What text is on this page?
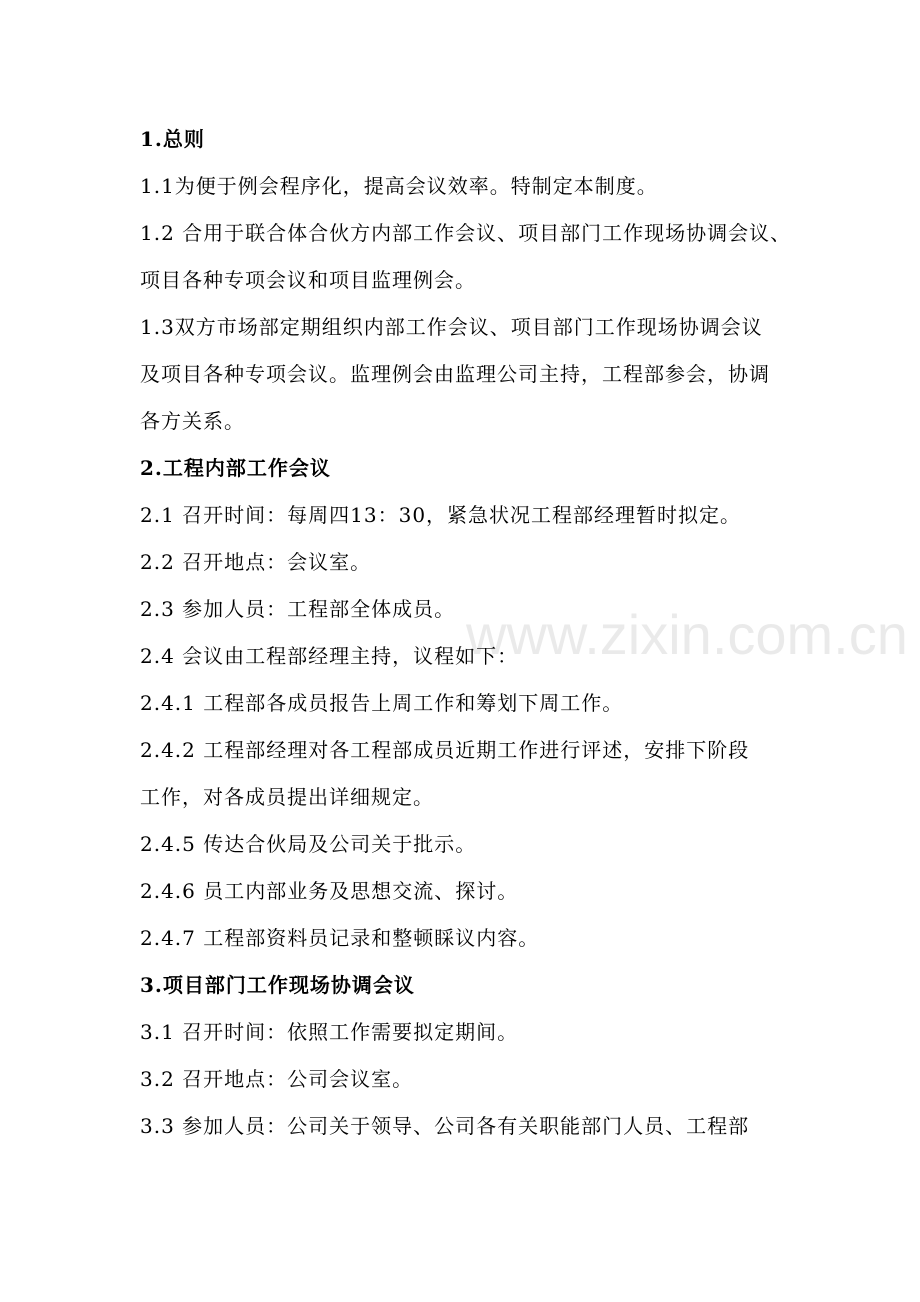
1.总则
1.1为便于例会程序化，提高会议效率。特制定本制度。
1.2 合用于联合体合伙方内部工作会议、项目部门工作现场协调会议、
项目各种专项会议和项目监理例会。
1.3双方市场部定期组织内部工作会议、项目部门工作现场协调会议
及项目各种专项会议。监理例会由监理公司主持，工程部参会，协调
各方关系。
2.工程内部工作会议
2.1 召开时间：每周四13：30，紧急状况工程部经理暂时拟定。
2.2 召开地点：会议室。
2.3 参加人员：工程部全体成员。
2.4 会议由工程部经理主持，议程如下：
2.4.1 工程部各成员报告上周工作和筹划下周工作。
2.4.2 工程部经理对各工程部成员近期工作进行评述，安排下阶段
工作，对各成员提出详细规定。
2.4.5 传达合伙局及公司关于批示。
2.4.6 员工内部业务及思想交流、探讨。
2.4.7 工程部资料员记录和整顿睬议内容。
3.项目部门工作现场协调会议
3.1 召开时间：依照工作需要拟定期间。
3.2 召开地点：公司会议室。
3.3 参加人员：公司关于领导、公司各有关职能部门人员、工程部
www.zixin.com.cn
